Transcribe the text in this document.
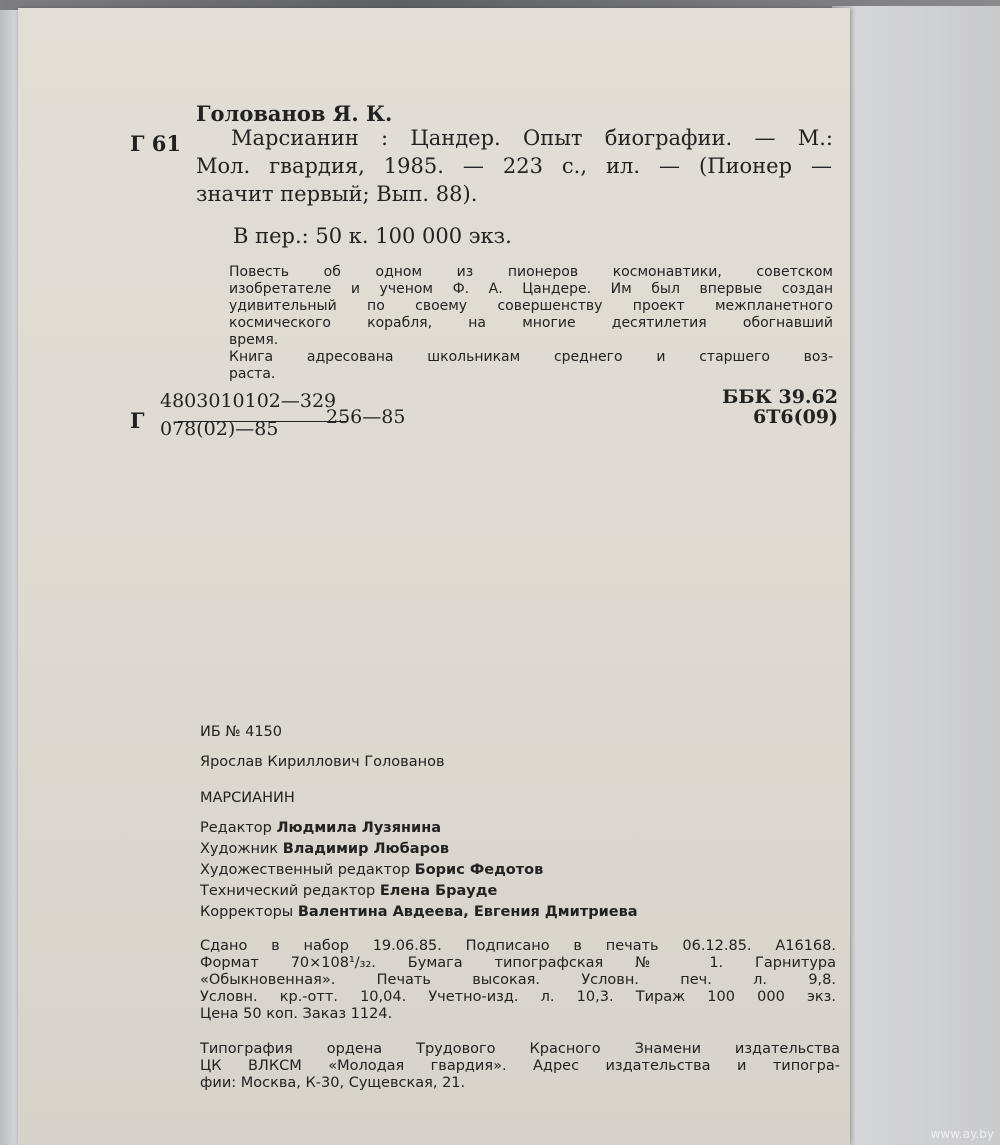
Голованов Я. К.
Г 61 Марсианин : Цандер. Опыт биографии. — М.:
Мол. гвардия, 1985. — 223 с., ил. — (Пионер —
значит первый; Вып. 88).
В пер.: 50 к. 100 000 экз.
Повесть об одном из пионеров космонавтики, советском
изобретателе и ученом Ф. А. Цандере. Им был впервые создан
удивительный по своему совершенству проект межпланетного
космического корабля, на многие десятилетия обогнавший
время.
Книга адресована школьникам среднего и старшего воз-
раста.
Г
4803010102—329
078(02)—85
256—85
ББК 39.62
6Т6(09)
ИБ № 4150
Ярослав Кириллович Голованов
МАРСИАНИН
Редактор Людмила Лузянина
Художник Владимир Любаров
Художественный редактор Борис Федотов
Технический редактор Елена Брауде
Корректоры Валентина Авдеева, Евгения Дмитриева
Сдано в набор 19.06.85. Подписано в печать 06.12.85. А16168.
Формат 70×108¹/₃₂. Бумага типографская № 1. Гарнитура
«Обыкновенная». Печать высокая. Условн. печ. л. 9,8.
Условн. кр.-отт. 10,04. Учетно-изд. л. 10,3. Тираж 100 000 экз.
Цена 50 коп. Заказ 1124.
Типография ордена Трудового Красного Знамени издательства
ЦК ВЛКСМ «Молодая гвардия». Адрес издательства и типогра-
фии: Москва, К-30, Сущевская, 21.
www.ay.by
